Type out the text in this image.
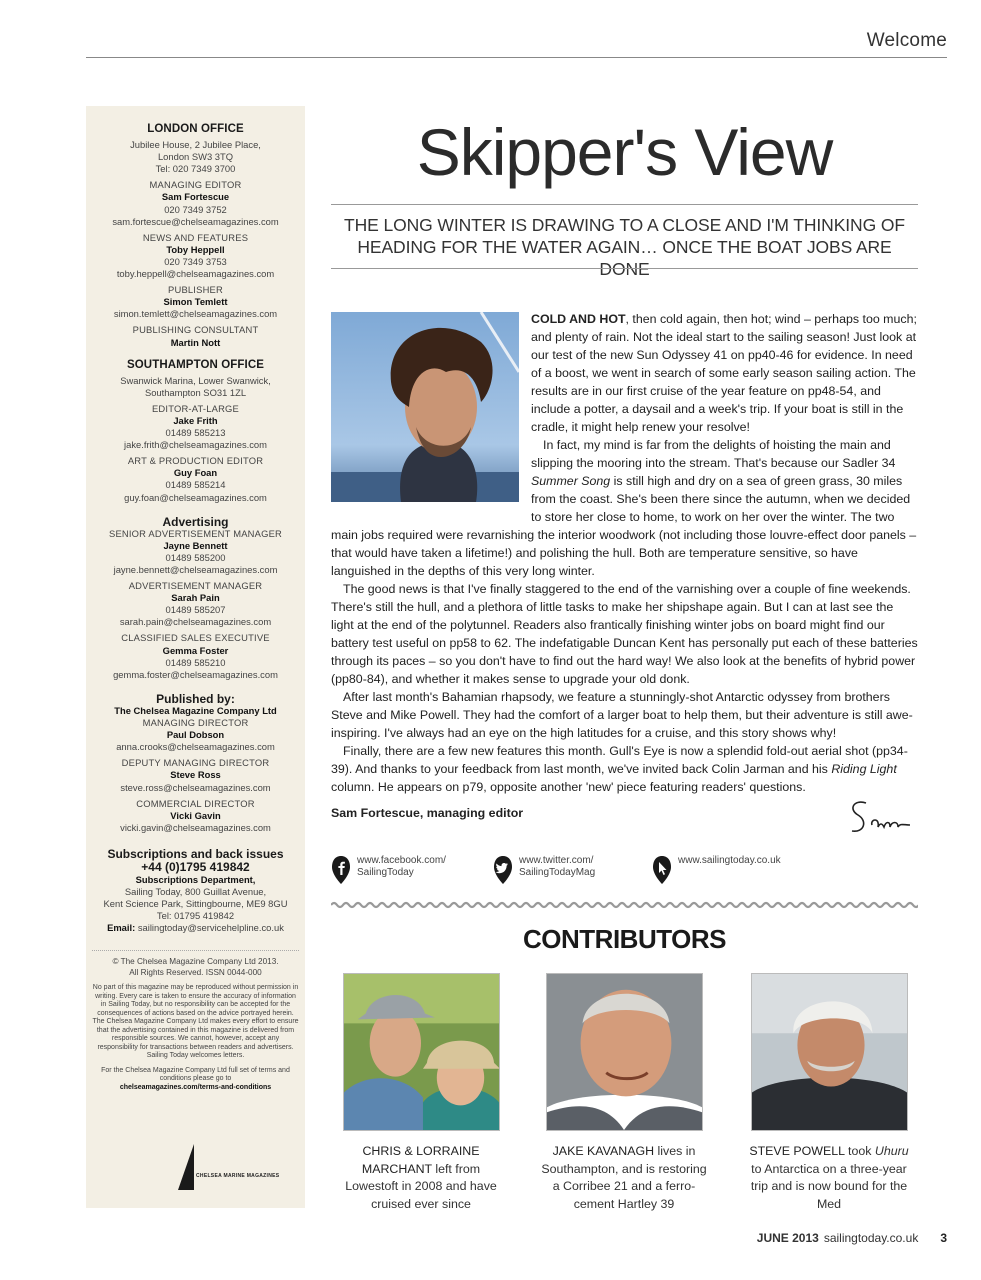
Welcome
LONDON OFFICE
Jubilee House, 2 Jubilee Place,
London SW3 3TQ
Tel: 020 7349 3700
MANAGING EDITOR
Sam Fortescue
020 7349 3752
sam.fortescue@chelseamagazines.com
NEWS AND FEATURES
Toby Heppell
020 7349 3753
toby.heppell@chelseamagazines.com
PUBLISHER
Simon Temlett
simon.temlett@chelseamagazines.com
PUBLISHING CONSULTANT
Martin Nott
SOUTHAMPTON OFFICE
Swanwick Marina, Lower Swanwick,
Southampton SO31 1ZL
EDITOR-AT-LARGE
Jake Frith
01489 585213
jake.frith@chelseamagazines.com
ART & PRODUCTION EDITOR
Guy Foan
01489 585214
guy.foan@chelseamagazines.com
Advertising
SENIOR ADVERTISEMENT MANAGER
Jayne Bennett
01489 585200
jayne.bennett@chelseamagazines.com
ADVERTISEMENT MANAGER
Sarah Pain
01489 585207
sarah.pain@chelseamagazines.com
CLASSIFIED SALES EXECUTIVE
Gemma Foster
01489 585210
gemma.foster@chelseamagazines.com
Published by:
The Chelsea Magazine Company Ltd
MANAGING DIRECTOR
Paul Dobson
anna.crooks@chelseamagazines.com
DEPUTY MANAGING DIRECTOR
Steve Ross
steve.ross@chelseamagazines.com
COMMERCIAL DIRECTOR
Vicki Gavin
vicki.gavin@chelseamagazines.com
Subscriptions and back issues
+44 (0)1795 419842
Subscriptions Department,
Sailing Today, 800 Guillat Avenue,
Kent Science Park, Sittingbourne, ME9 8GU
Tel: 01795 419842
Email: sailingtoday@servicehelpline.co.uk
© The Chelsea Magazine Company Ltd 2013.
All Rights Reserved. ISSN 0044-000
No part of this magazine may be reproduced without permission in writing. Every care is taken to ensure the accuracy of information in Sailing Today, but no responsibility can be accepted for the consequences of actions based on the advice portrayed herein. The Chelsea Magazine Company Ltd makes every effort to ensure that the advertising contained in this magazine is delivered from responsible sources. We cannot, however, accept any responsibility for transactions between readers and advertisers. Sailing Today welcomes letters.
For the Chelsea Magazine Company Ltd full set of terms and conditions please go to
chelseamagazines.com/terms-and-conditions
CHELSEA MARINE MAGAZINES
Skipper's View
THE LONG WINTER IS DRAWING TO A CLOSE AND I'M THINKING OF
HEADING FOR THE WATER AGAIN… ONCE THE BOAT JOBS ARE DONE

COLD AND HOT, then cold again, then hot; wind – perhaps too much; and plenty of rain. Not the ideal start to the sailing season! Just look at our test of the new Sun Odyssey 41 on pp40-46 for evidence. In need of a boost, we went in search of some early season sailing action. The results are in our first cruise of the year feature on pp48-54, and include a potter, a daysail and a week's trip. If your boat is still in the cradle, it might help renew your resolve!

In fact, my mind is far from the delights of hoisting the main and slipping the mooring into the stream. That's because our Sadler 34 Summer Song is still high and dry on a sea of green grass, 30 miles from the coast. She's been there since the autumn, when we decided to store her close to home, to work on her over the winter. The two main jobs required were revarnishing the interior woodwork (not including those louvre-effect door panels – that would have taken a lifetime!) and polishing the hull. Both are temperature sensitive, so have languished in the depths of this very long winter.

The good news is that I've finally staggered to the end of the varnishing over a couple of fine weekends. There's still the hull, and a plethora of little tasks to make her shipshape again. But I can at last see the light at the end of the polytunnel. Readers also frantically finishing winter jobs on board might find our battery test useful on pp58 to 62. The indefatigable Duncan Kent has personally put each of these batteries through its paces – so you don't have to find out the hard way! We also look at the benefits of hybrid power (pp80-84), and whether it makes sense to upgrade your old donk.

After last month's Bahamian rhapsody, we feature a stunningly-shot Antarctic odyssey from brothers Steve and Mike Powell. They had the comfort of a larger boat to help them, but their adventure is still awe-inspiring. I've always had an eye on the high latitudes for a cruise, and this story shows why!

Finally, there are a few new features this month. Gull's Eye is now a splendid fold-out aerial shot (pp34-39). And thanks to your feedback from last month, we've invited back Colin Jarman and his Riding Light column. He appears on p79, opposite another 'new' piece featuring readers' questions.

Sam Fortescue, managing editor
www.facebook.com/
SailingToday
www.twitter.com/
SailingTodayMag
www.sailingtoday.co.uk
CONTRIBUTORS
CHRIS & LORRAINE MARCHANT left from Lowestoft in 2008 and have cruised ever since
JAKE KAVANAGH lives in Southampton, and is restoring a Corribee 21 and a ferro-cement Hartley 39
STEVE POWELL took Uhuru to Antarctica on a three-year trip and is now bound for the Med
JUNE 2013 sailingtoday.co.uk 3
